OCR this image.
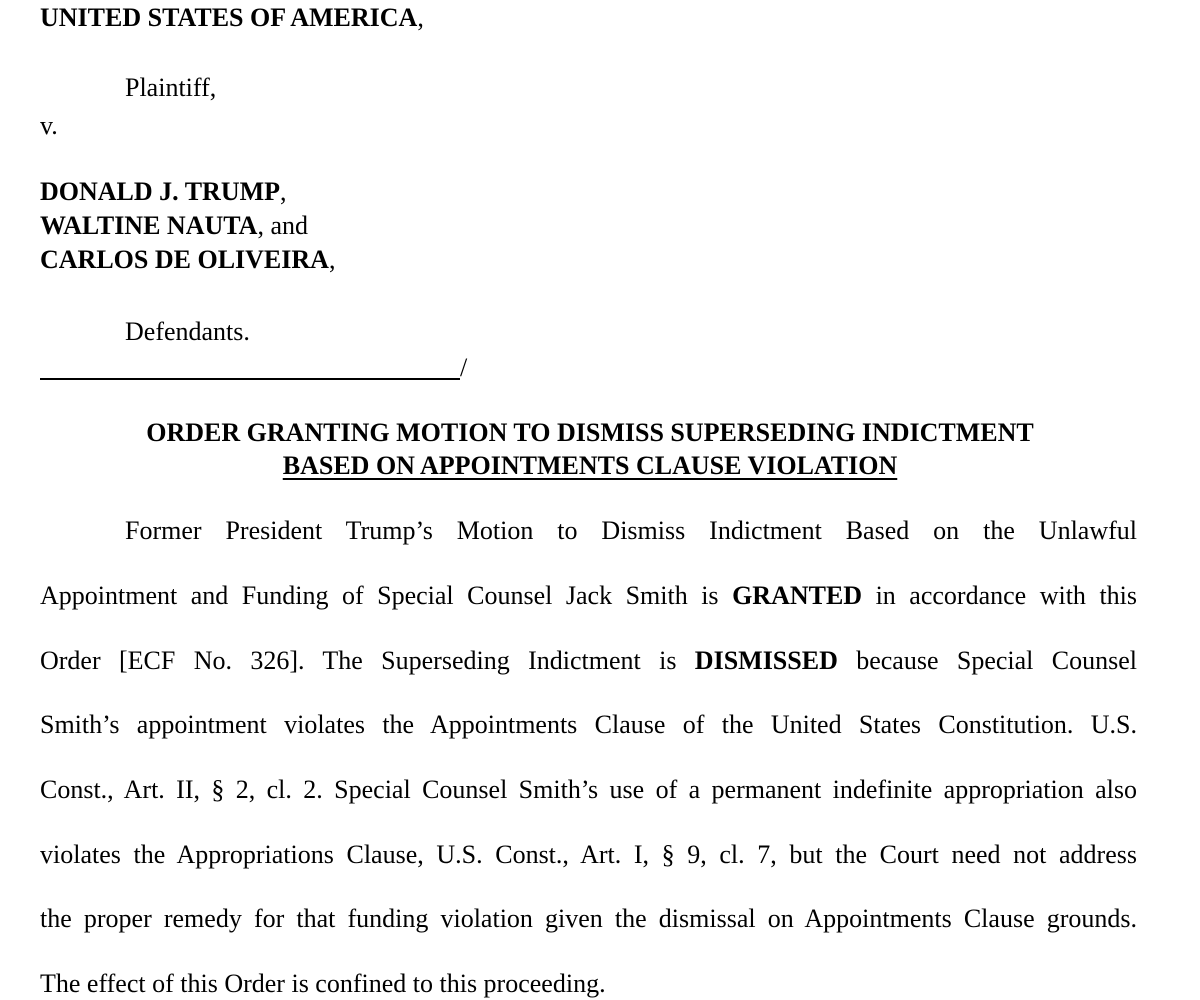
UNITED STATES OF AMERICA,
Plaintiff,
v.
DONALD J. TRUMP,
WALTINE NAUTA, and
CARLOS DE OLIVEIRA,
Defendants.
/
ORDER GRANTING MOTION TO DISMISS SUPERSEDING INDICTMENT
BASED ON APPOINTMENTS CLAUSE VIOLATION
Former President Trump’s Motion to Dismiss Indictment Based on the Unlawful
Appointment and Funding of Special Counsel Jack Smith is GRANTED in accordance with this
Order [ECF No. 326]. The Superseding Indictment is DISMISSED because Special Counsel
Smith’s appointment violates the Appointments Clause of the United States Constitution. U.S.
Const., Art. II, § 2, cl. 2. Special Counsel Smith’s use of a permanent indefinite appropriation also
violates the Appropriations Clause, U.S. Const., Art. I, § 9, cl. 7, but the Court need not address
the proper remedy for that funding violation given the dismissal on Appointments Clause grounds.
The effect of this Order is confined to this proceeding.
